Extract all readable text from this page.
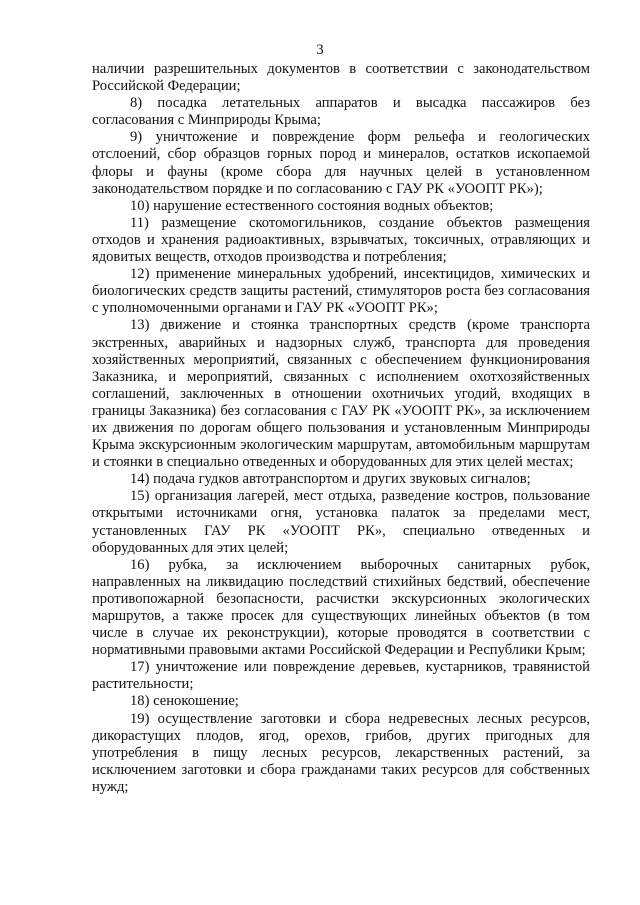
3

наличии разрешительных документов в соответствии с законодательством Российской Федерации;

8) посадка летательных аппаратов и высадка пассажиров без согласования с Минприроды Крыма;

9) уничтожение и повреждение форм рельефа и геологических отслоений, сбор образцов горных пород и минералов, остатков ископаемой флоры и фауны (кроме сбора для научных целей в установленном законодательством порядке и по согласованию с ГАУ РК «УООПТ РК»);

10) нарушение естественного состояния водных объектов;

11) размещение скотомогильников, создание объектов размещения отходов и хранения радиоактивных, взрывчатых, токсичных, отравляющих и ядовитых веществ, отходов производства и потребления;

12) применение минеральных удобрений, инсектицидов, химических и биологических средств защиты растений, стимуляторов роста без согласования с уполномоченными органами и ГАУ РК «УООПТ РК»;

13) движение и стоянка транспортных средств (кроме транспорта экстренных, аварийных и надзорных служб, транспорта для проведения хозяйственных мероприятий, связанных с обеспечением функционирования Заказника, и мероприятий, связанных с исполнением охотхозяйственных соглашений, заключенных в отношении охотничьих угодий, входящих в границы Заказника) без согласования с ГАУ РК «УООПТ РК», за исключением их движения по дорогам общего пользования и установленным Минприроды Крыма экскурсионным экологическим маршрутам, автомобильным маршрутам и стоянки в специально отведенных и оборудованных для этих целей местах;

14) подача гудков автотранспортом и других звуковых сигналов;

15) организация лагерей, мест отдыха, разведение костров, пользование открытыми источниками огня, установка палаток за пределами мест, установленных ГАУ РК «УООПТ РК», специально отведенных и оборудованных для этих целей;

16) рубка, за исключением выборочных санитарных рубок, направленных на ликвидацию последствий стихийных бедствий, обеспечение противопожарной безопасности, расчистки экскурсионных экологических маршрутов, а также просек для существующих линейных объектов (в том числе в случае их реконструкции), которые проводятся в соответствии с нормативными правовыми актами Российской Федерации и Республики Крым;

17) уничтожение или повреждение деревьев, кустарников, травянистой растительности;

18) сенокошение;

19) осуществление заготовки и сбора недревесных лесных ресурсов, дикорастущих плодов, ягод, орехов, грибов, других пригодных для употребления в пищу лесных ресурсов, лекарственных растений, за исключением заготовки и сбора гражданами таких ресурсов для собственных нужд;
